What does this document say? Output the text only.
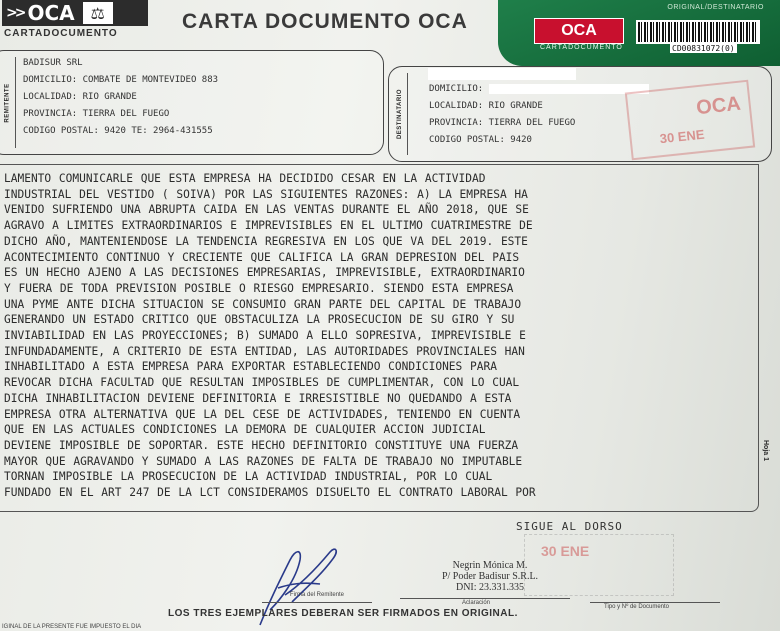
>> OCA ⚖
CARTADOCUMENTO
CARTA DOCUMENTO OCA
ORIGINAL/DESTINATARIO
OCA
CARTADOCUMENTO	CD00831072(0)
REMITENTE
BADISUR SRL
DOMICILIO: COMBATE DE MONTEVIDEO 883
LOCALIDAD: RIO GRANDE
PROVINCIA: TIERRA DEL FUEGO
CODIGO POSTAL: 9420 TE: 2964-431555	DESTINATARIO	DOMICILIO:
LOCALIDAD: RIO GRANDE
PROVINCIA: TIERRA DEL FUEGO
CODIGO POSTAL: 9420
OCA
30 ENE
LAMENTO COMUNICARLE QUE ESTA EMPRESA HA DECIDIDO CESAR EN LA ACTIVIDAD
INDUSTRIAL DEL VESTIDO ( SOIVA) POR LAS SIGUIENTES RAZONES: A) LA EMPRESA HA
VENIDO SUFRIENDO UNA ABRUPTA CAIDA EN LAS VENTAS DURANTE EL AÑO 2018, QUE SE
AGRAVO A LIMITES EXTRAORDINARIOS E IMPREVISIBLES EN EL ULTIMO CUATRIMESTRE DE
DICHO AÑO, MANTENIENDOSE LA TENDENCIA REGRESIVA EN LOS QUE VA DEL 2019. ESTE
ACONTECIMIENTO CONTINUO Y CRECIENTE QUE CALIFICA LA GRAN DEPRESION DEL PAIS
ES UN HECHO AJENO A LAS DECISIONES EMPRESARIAS, IMPREVISIBLE, EXTRAORDINARIO
Y FUERA DE TODA PREVISION POSIBLE O RIESGO EMPRESARIO. SIENDO ESTA EMPRESA
UNA PYME ANTE DICHA SITUACION SE CONSUMIO GRAN PARTE DEL CAPITAL DE TRABAJO
GENERANDO UN ESTADO CRITICO QUE OBSTACULIZA LA PROSECUCION DE SU GIRO Y SU
INVIABILIDAD EN LAS PROYECCIONES; B) SUMADO A ELLO SOPRESIVA, IMPREVISIBLE E
INFUNDADAMENTE, A CRITERIO DE ESTA ENTIDAD, LAS AUTORIDADES PROVINCIALES HAN
INHABILITADO A ESTA EMPRESA PARA EXPORTAR ESTABLECIENDO CONDICIONES PARA
REVOCAR DICHA FACULTAD QUE RESULTAN IMPOSIBLES DE CUMPLIMENTAR, CON LO CUAL
DICHA INHABILITACION DEVIENE DEFINITORIA E IRRESISTIBLE NO QUEDANDO A ESTA
EMPRESA OTRA ALTERNATIVA QUE LA DEL CESE DE ACTIVIDADES, TENIENDO EN CUENTA
QUE EN LAS ACTUALES CONDICIONES LA DEMORA DE CUALQUIER ACCION JUDICIAL
DEVIENE IMPOSIBLE DE SOPORTAR. ESTE HECHO DEFINITORIO CONSTITUYE UNA FUERZA
MAYOR QUE AGRAVANDO Y SUMADO A LAS RAZONES DE FALTA DE TRABAJO NO IMPUTABLE
TORNAN IMPOSIBLE LA PROSECUCION DE LA ACTIVIDAD INDUSTRIAL, POR LO CUAL
FUNDADO EN EL ART 247 DE LA LCT CONSIDERAMOS DISUELTO EL CONTRATO LABORAL POR
Hoja 1
SIGUE AL DORSO
30 ENE
Firma del Remitente
Negrin Mónica M.
P/ Poder Badisur S.R.L.
DNI: 23.331.335
Aclaración
Tipo y Nº de Documento
LOS TRES EJEMPLARES DEBERAN SER FIRMADOS EN ORIGINAL.
IGINAL DE LA PRESENTE FUE IMPUESTO EL DIA
